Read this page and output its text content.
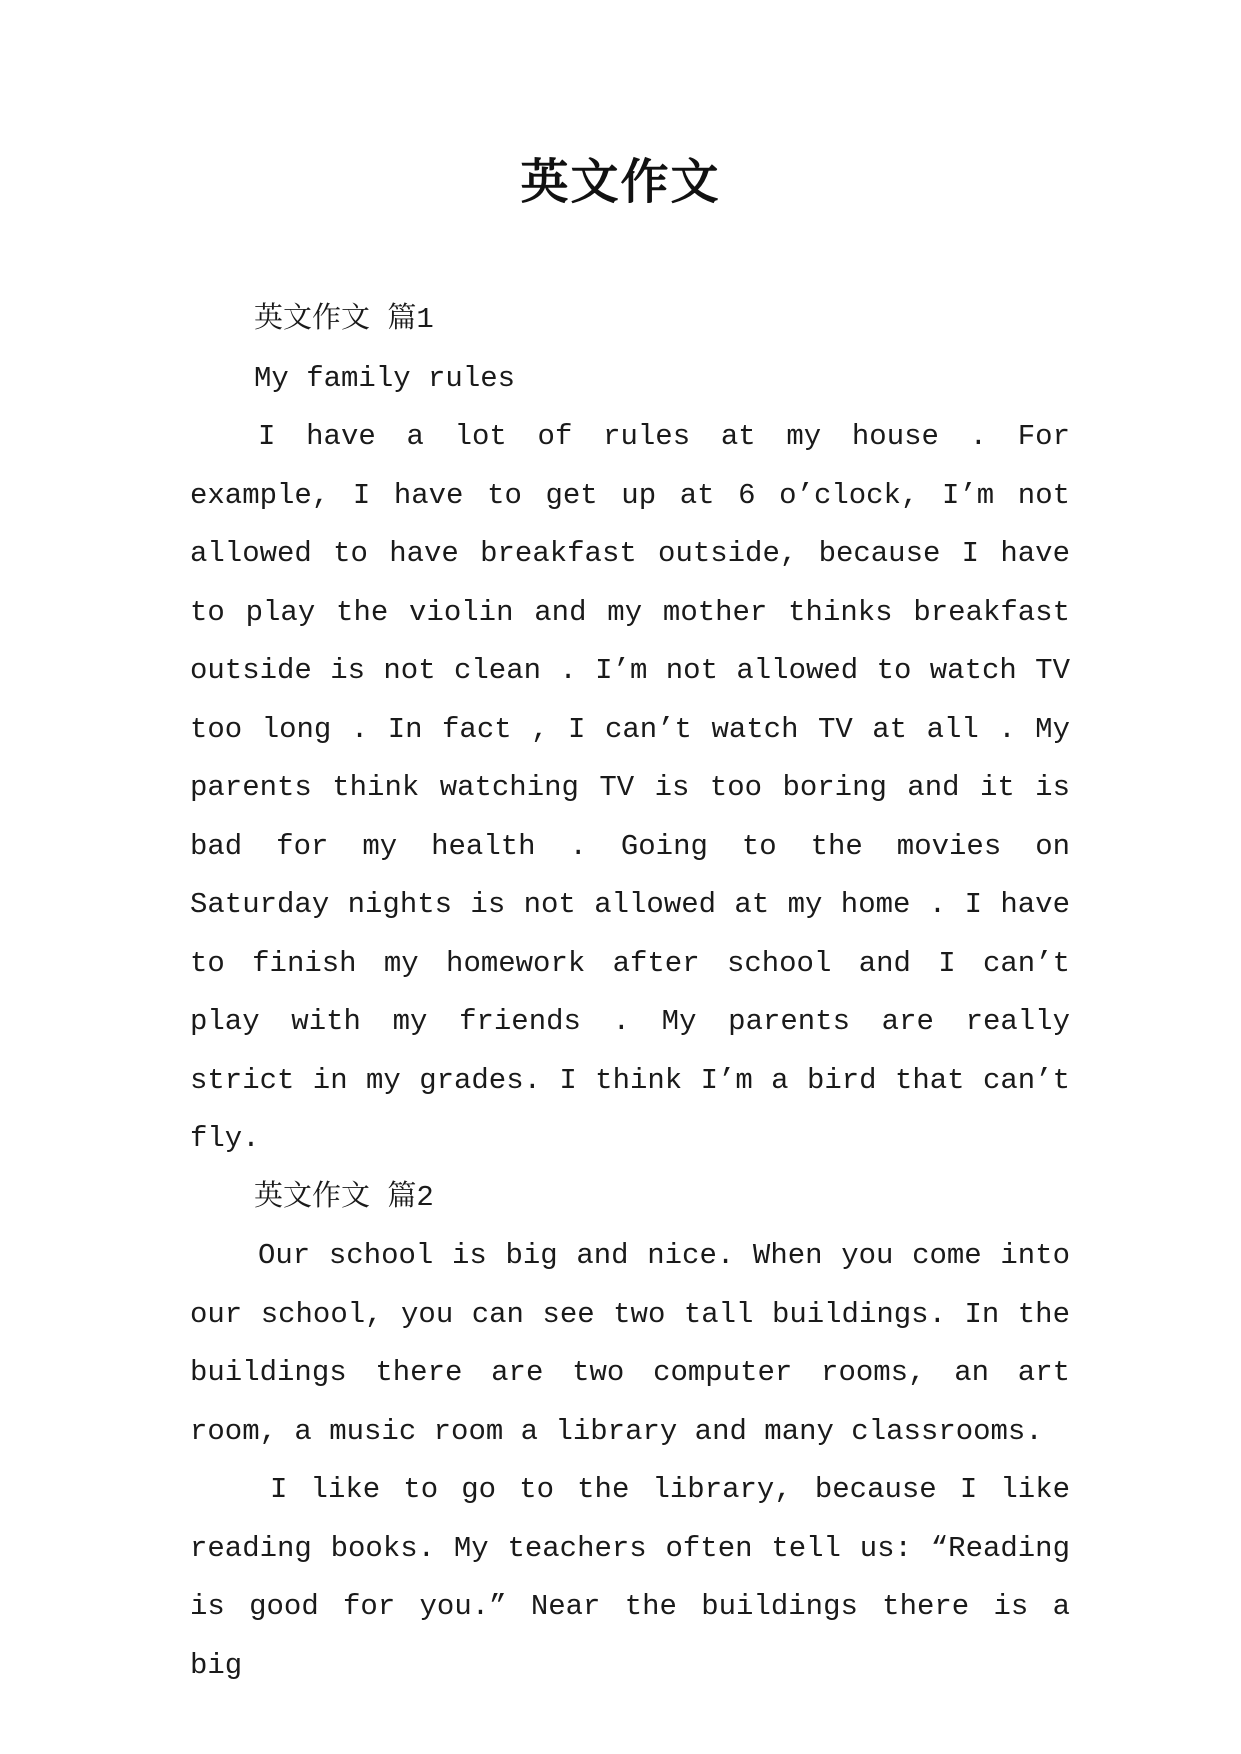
英文作文

英文作文 篇1

My family rules

I have a lot of rules at my house . For example, I have to get up at 6 o’clock, I’m not allowed to have breakfast outside, because I have to play the violin and my mother thinks breakfast outside is not clean . I’m not allowed to watch TV too long . In fact , I can’t watch TV at all . My parents think watching TV is too boring and it is bad for my health . Going to the movies on Saturday nights is not allowed at my home . I have to finish my homework after school and I can’t play with my friends . My parents are really strict in my grades. I think I’m a bird that can’t fly.

英文作文 篇2

Our school is big and nice. When you come into our school, you can see two tall buildings. In the buildings there are two computer rooms, an art room, a music room a library and many classrooms.

I like to go to the library, because I like reading books. My teachers often tell us: “Reading is good for you.” Near the buildings there is a big
